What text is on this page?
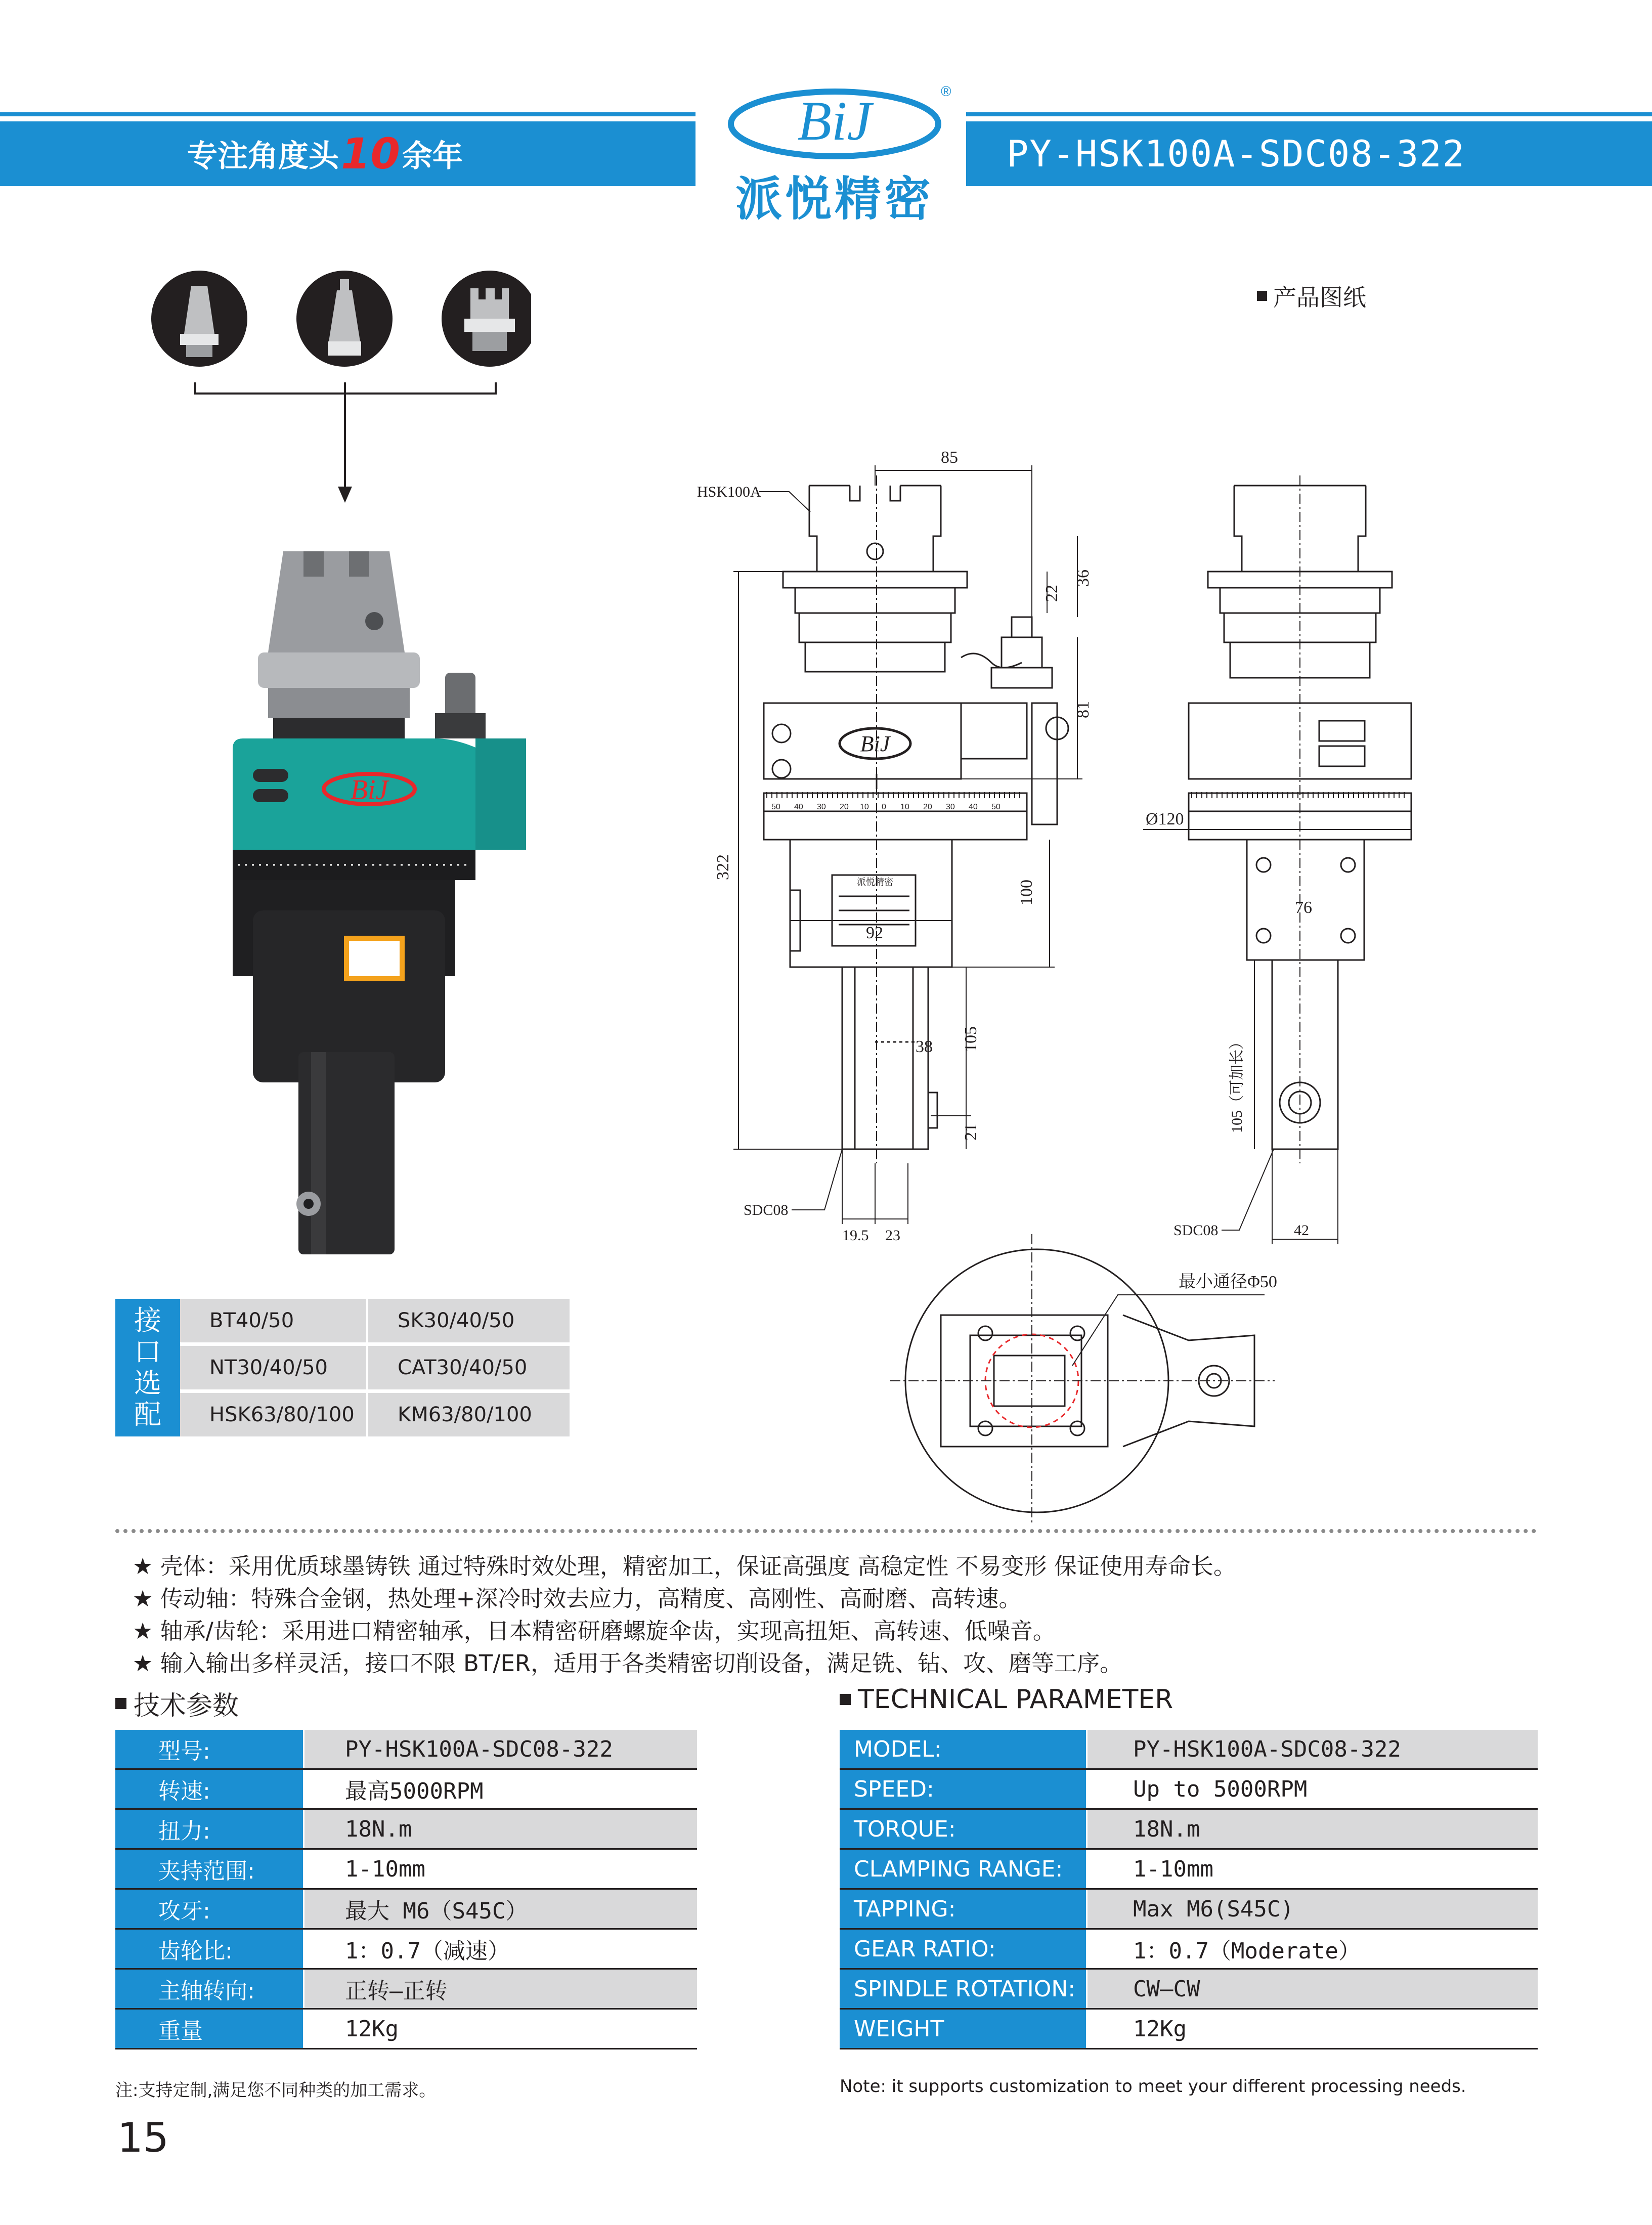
专注角度头 10 余年	PY-HSK100A-SDC08-322
BiJ	®
派悦精密
BiJ
产品图纸
BiJ
50 40 30 20 10 0 10 20 30 40 50
派悦精密
85
HSK100A
22
36
81
322
100
92
38 105
21
SDC08
19.5 23
Ø120
76
105（可加长）
SDC08	42
最小通径Φ50
接口选配
BT40/50	SK30/40/50
NT30/40/50	CAT30/40/50
HSK63/80/100	KM63/80/100
★ 壳体：采用优质球墨铸铁 通过特殊时效处理，精密加工，保证高强度 高稳定性 不易变形 保证使用寿命长。
★ 传动轴：特殊合金钢，热处理+深冷时效去应力，高精度、高刚性、高耐磨、高转速。
★ 轴承/齿轮：采用进口精密轴承，日本精密研磨螺旋伞齿，实现高扭矩、高转速、低噪音。
★ 输入输出多样灵活，接口不限 BT/ER，适用于各类精密切削设备，满足铣、钻、攻、磨等工序。
技术参数
型号:	PY-HSK100A-SDC08-322
转速:	最高5000RPM
扭力:	18N.m
夹持范围:	1-10mm
攻牙:	最大 M6（S45C）
齿轮比:	1：0.7（减速）
主轴转向:	正转—正转
重量	12Kg
注:支持定制,满足您不同种类的加工需求。
TECHNICAL PARAMETER
MODEL:	PY-HSK100A-SDC08-322
SPEED:	Up to 5000RPM
TORQUE:	18N.m
CLAMPING RANGE:	1-10mm
TAPPING:	Max M6(S45C)
GEAR RATIO:	1：0.7（Moderate）
SPINDLE ROTATION:	CW—CW
WEIGHT	12Kg
Note: it supports customization to meet your different processing needs.
15
